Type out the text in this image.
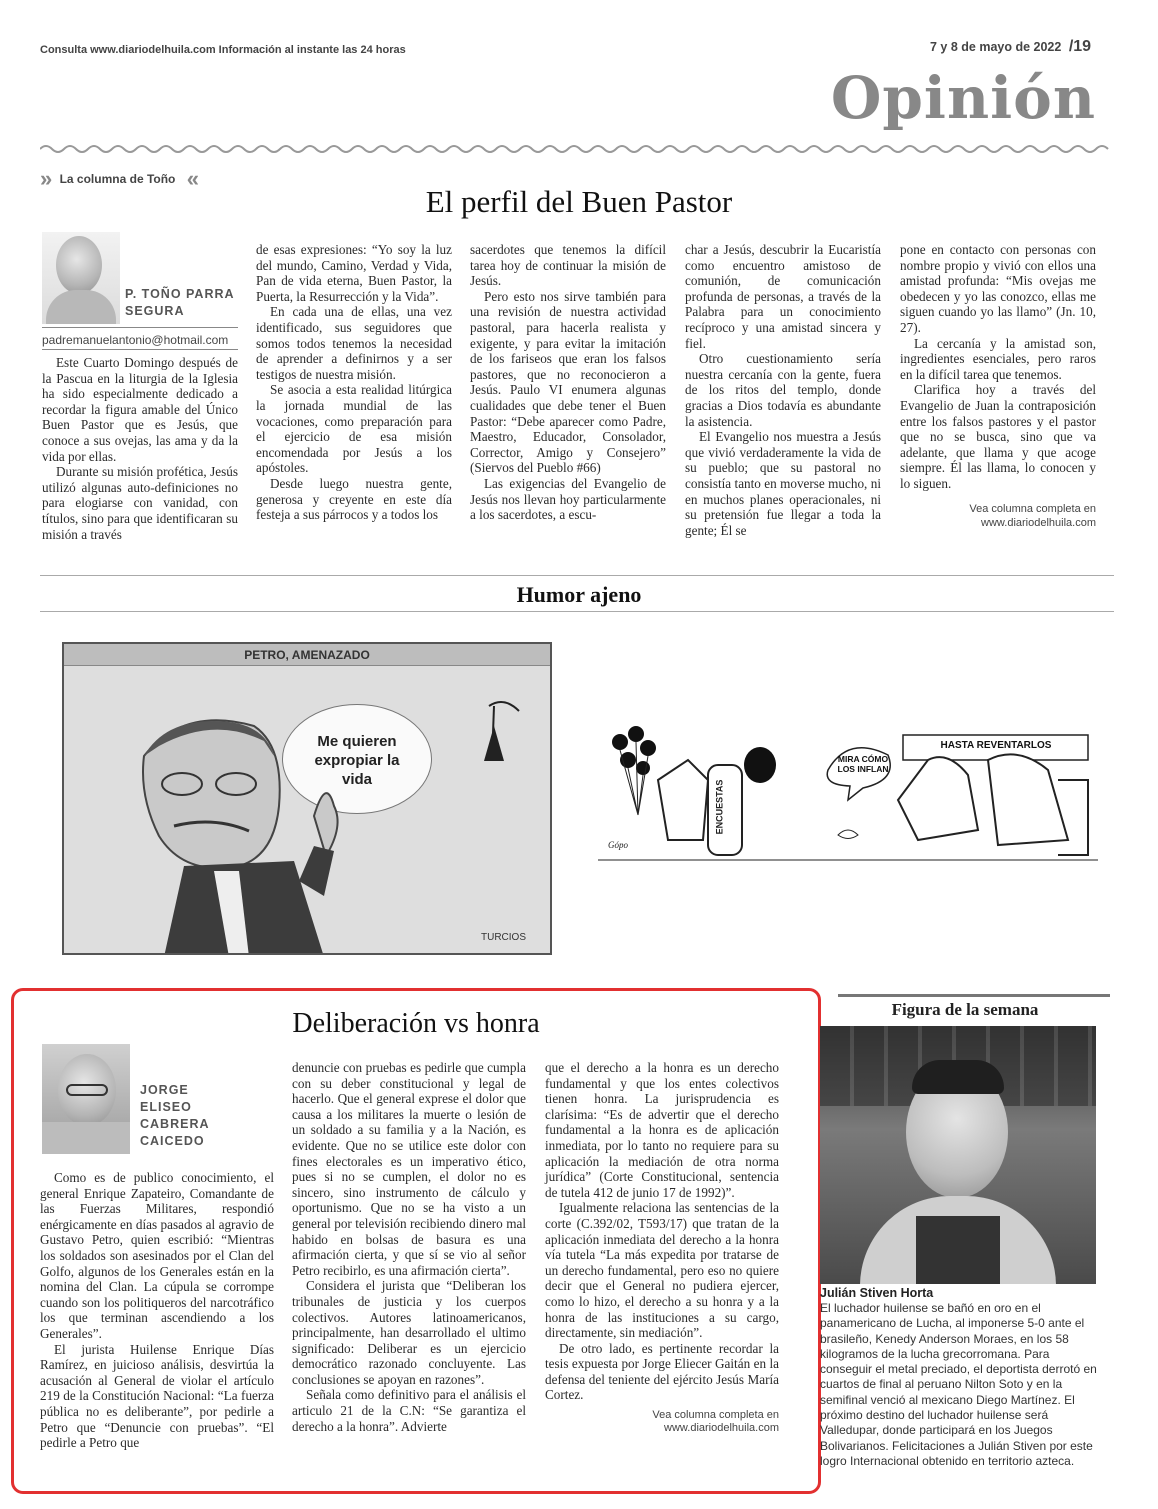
Consulta www.diariodelhuila.com Información al instante las 24 horas	7 y 8 de mayo de 2022 /19
Opinión
» La columna de Toño «
El perfil del Buen Pastor
P. TOÑO PARRA
SEGURA
padremanuelantonio@hotmail.com

Este Cuarto Domingo después de la Pascua en la liturgia de la Iglesia ha sido especialmente dedicado a recordar la figura amable del Único Buen Pastor que es Jesús, que conoce a sus ovejas, las ama y da la vida por ellas.

Durante su misión profética, Jesús utilizó algunas auto-definiciones no para elogiarse con vanidad, con títulos, sino para que identificaran su misión a través

de esas expresiones: “Yo soy la luz del mundo, Camino, Verdad y Vida, Pan de vida eterna, Buen Pastor, la Puerta, la Resurrección y la Vida”.

En cada una de ellas, una vez identificado, sus seguidores que somos todos tenemos la necesidad de aprender a definirnos y a ser testigos de nuestra misión.

Se asocia a esta realidad litúrgica la jornada mundial de las vocaciones, como preparación para el ejercicio de esa misión encomendada por Jesús a los apóstoles.

Desde luego nuestra gente, generosa y creyente en este día festeja a sus párrocos y a todos los

sacerdotes que tenemos la difícil tarea hoy de continuar la misión de Jesús.

Pero esto nos sirve también para una revisión de nuestra actividad pastoral, para hacerla realista y exigente, y para evitar la imitación de los fariseos que eran los falsos pastores, que no reconocieron a Jesús. Paulo VI enumera algunas cualidades que debe tener el Buen Pastor: “Debe aparecer como Padre, Maestro, Educador, Consolador, Corrector, Amigo y Consejero” (Siervos del Pueblo #66)

Las exigencias del Evangelio de Jesús nos llevan hoy particularmente a los sacerdotes, a escu-

char a Jesús, descubrir la Eucaristía como encuentro amistoso de comunión, de comunicación profunda de personas, a través de la Palabra para un conocimiento recíproco y una amistad sincera y fiel.

Otro cuestionamiento sería nuestra cercanía con la gente, fuera de los ritos del templo, donde gracias a Dios todavía es abundante la asistencia.

El Evangelio nos muestra a Jesús que vivió verdaderamente la vida de su pueblo; que su pastoral no consistía tanto en moverse mucho, ni en muchos planes operacionales, ni su pretensión fue llegar a toda la gente; Él se

pone en contacto con personas con nombre propio y vivió con ellos una amistad profunda: “Mis ovejas me obedecen y yo las conozco, ellas me siguen cuando yo las llamo” (Jn. 10, 27).

La cercanía y la amistad son, ingredientes esenciales, pero raros en la difícil tarea que tenemos.

Clarifica hoy a través del Evangelio de Juan la contraposición entre los falsos pastores y el pastor que no se busca, sino que va adelante, que llama y que acoge siempre. Él las llama, lo conocen y lo siguen.

Vea columna completa en
www.diariodelhuila.com
Humor ajeno
PETRO, AMENAZADO
Me quieren expropiar la vida
TURCIOS
ENCUESTAS
MIRA CÓMO LOS INFLAN
HASTA REVENTARLOS
Gópo
Deliberación vs honra
JORGE
ELISEO
CABRERA
CAICEDO

Como es de publico conocimiento, el general Enrique Zapateiro, Comandante de las Fuerzas Militares, respondió enérgicamente en días pasados al agravio de Gustavo Petro, quien escribió: “Mientras los soldados son asesinados por el Clan del Golfo, algunos de los Generales están en la nomina del Clan. La cúpula se corrompe cuando son los politiqueros del narcotráfico los que terminan ascendiendo a los Generales”.

El jurista Huilense Enrique Días Ramírez, en juicioso análisis, desvirtúa la acusación al General de violar el artículo 219 de la Constitución Nacional: “La fuerza pública no es deliberante”, por pedirle a Petro que “Denuncie con pruebas”. “El pedirle a Petro que

denuncie con pruebas es pedirle que cumpla con su deber constitucional y legal de hacerlo. Que el general exprese el dolor que causa a los militares la muerte o lesión de un soldado a su familia y a la Nación, es evidente. Que no se utilice este dolor con fines electorales es un imperativo ético, pues si no se cumplen, el dolor no es sincero, sino instrumento de cálculo y oportunismo. Que no se ha visto a un general por televisión recibiendo dinero mal habido en bolsas de basura es una afirmación cierta, y que sí se vio al señor Petro recibirlo, es una afirmación cierta”.

Considera el jurista que “Deliberan los tribunales de justicia y los cuerpos colectivos. Autores latinoamericanos, principalmente, han desarrollado el ultimo significado: Deliberar es un ejercicio democrático razonado concluyente. Las conclusiones se apoyan en razones”.

Señala como definitivo para el análisis el articulo 21 de la C.N: “Se garantiza el derecho a la honra”. Advierte

que el derecho a la honra es un derecho fundamental y que los entes colectivos tienen honra. La jurisprudencia es clarísima: “Es de advertir que el derecho fundamental a la honra es de aplicación inmediata, por lo tanto no requiere para su aplicación la mediación de otra norma jurídica” (Corte Constitucional, sentencia de tutela 412 de junio 17 de 1992)”.

Igualmente relaciona las sentencias de la corte (C.392/02, T593/17) que tratan de la aplicación inmediata del derecho a la honra vía tutela “La más expedita por tratarse de un derecho fundamental, pero eso no quiere decir que el General no pudiera ejercer, como lo hizo, el derecho a su honra y a la honra de las instituciones a su cargo, directamente, sin mediación”.

De otro lado, es pertinente recordar la tesis expuesta por Jorge Eliecer Gaitán en la defensa del teniente del ejército Jesús María Cortez.

Vea columna completa en
www.diariodelhuila.com
Figura de la semana
Julián Stiven Horta
El luchador huilense se bañó en oro en el panamericano de Lucha, al imponerse 5-0 ante el brasileño, Kenedy Anderson Moraes, en los 58 kilogramos de la lucha grecorromana. Para conseguir el metal preciado, el deportista derrotó en cuartos de final al peruano Nilton Soto y en la semifinal venció al mexicano Diego Martínez. El próximo destino del luchador huilense será Valledupar, donde participará en los Juegos Bolivarianos. Felicitaciones a Julián Stiven por este logro Internacional obtenido en territorio azteca.
